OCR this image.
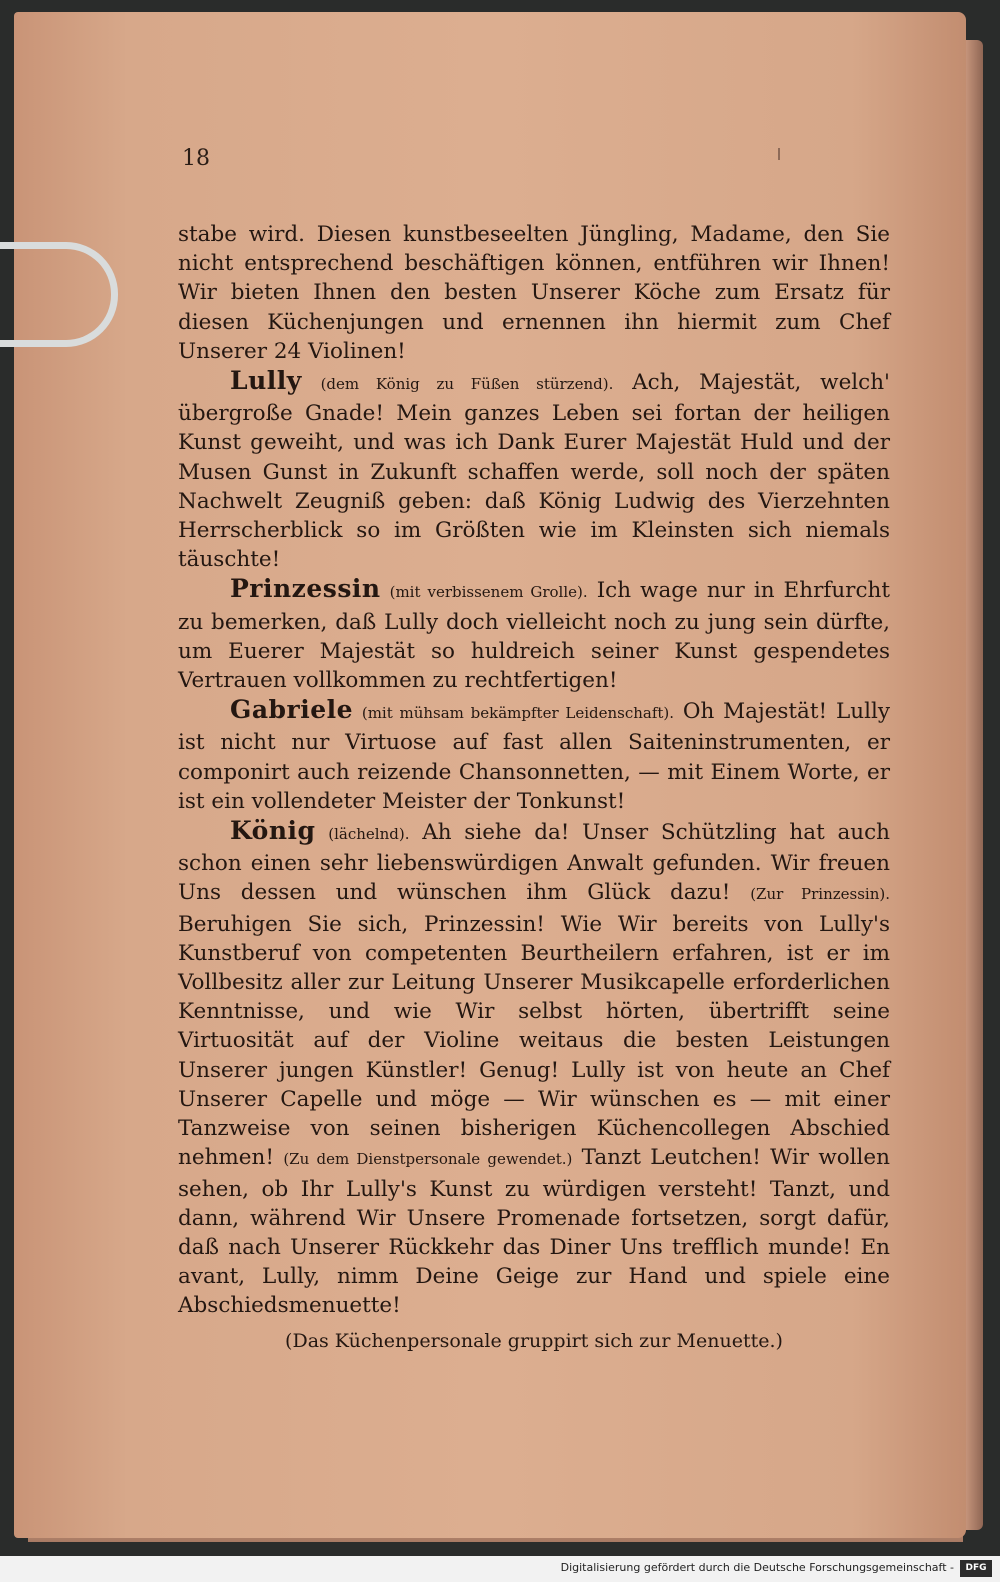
18

stabe wird. Diesen kunstbeseelten Jüngling, Madame, den Sie nicht entsprechend beschäftigen können, entführen wir Ihnen! Wir bieten Ihnen den besten Unserer Köche zum Ersatz für diesen Küchenjungen und ernennen ihn hiermit zum Chef Unserer 24 Violinen!

Lully (dem König zu Füßen stürzend). Ach, Majestät, welch' übergroße Gnade! Mein ganzes Leben sei fortan der heiligen Kunst geweiht, und was ich Dank Eurer Majestät Huld und der Musen Gunst in Zukunft schaffen werde, soll noch der späten Nachwelt Zeugniß geben: daß König Ludwig des Vierzehnten Herrscherblick so im Größten wie im Kleinsten sich niemals täuschte!

Prinzessin (mit verbissenem Grolle). Ich wage nur in Ehrfurcht zu bemerken, daß Lully doch vielleicht noch zu jung sein dürfte, um Euerer Majestät so huldreich seiner Kunst gespendetes Vertrauen vollkommen zu rechtfertigen!

Gabriele (mit mühsam bekämpfter Leidenschaft). Oh Majestät! Lully ist nicht nur Virtuose auf fast allen Saiteninstrumenten, er componirt auch reizende Chansonnetten, — mit Einem Worte, er ist ein vollendeter Meister der Tonkunst!

König (lächelnd). Ah siehe da! Unser Schützling hat auch schon einen sehr liebenswürdigen Anwalt gefunden. Wir freuen Uns dessen und wünschen ihm Glück dazu! (Zur Prinzessin). Beruhigen Sie sich, Prinzessin! Wie Wir bereits von Lully's Kunstberuf von competenten Beurtheilern erfahren, ist er im Vollbesitz aller zur Leitung Unserer Musikcapelle erforderlichen Kenntnisse, und wie Wir selbst hörten, übertrifft seine Virtuosität auf der Violine weitaus die besten Leistungen Unserer jungen Künstler! Genug! Lully ist von heute an Chef Unserer Capelle und möge — Wir wünschen es — mit einer Tanzweise von seinen bisherigen Küchencollegen Abschied nehmen! (Zu dem Dienstpersonale gewendet.) Tanzt Leutchen! Wir wollen sehen, ob Ihr Lully's Kunst zu würdigen versteht! Tanzt, und dann, während Wir Unsere Promenade fortsetzen, sorgt dafür, daß nach Unserer Rückkehr das Diner Uns trefflich munde! En avant, Lully, nimm Deine Geige zur Hand und spiele eine Abschiedsmenuette!

(Das Küchenpersonale gruppirt sich zur Menuette.)

Digitalisierung gefördert durch die Deutsche Forschungsgemeinschaft -	DFG
